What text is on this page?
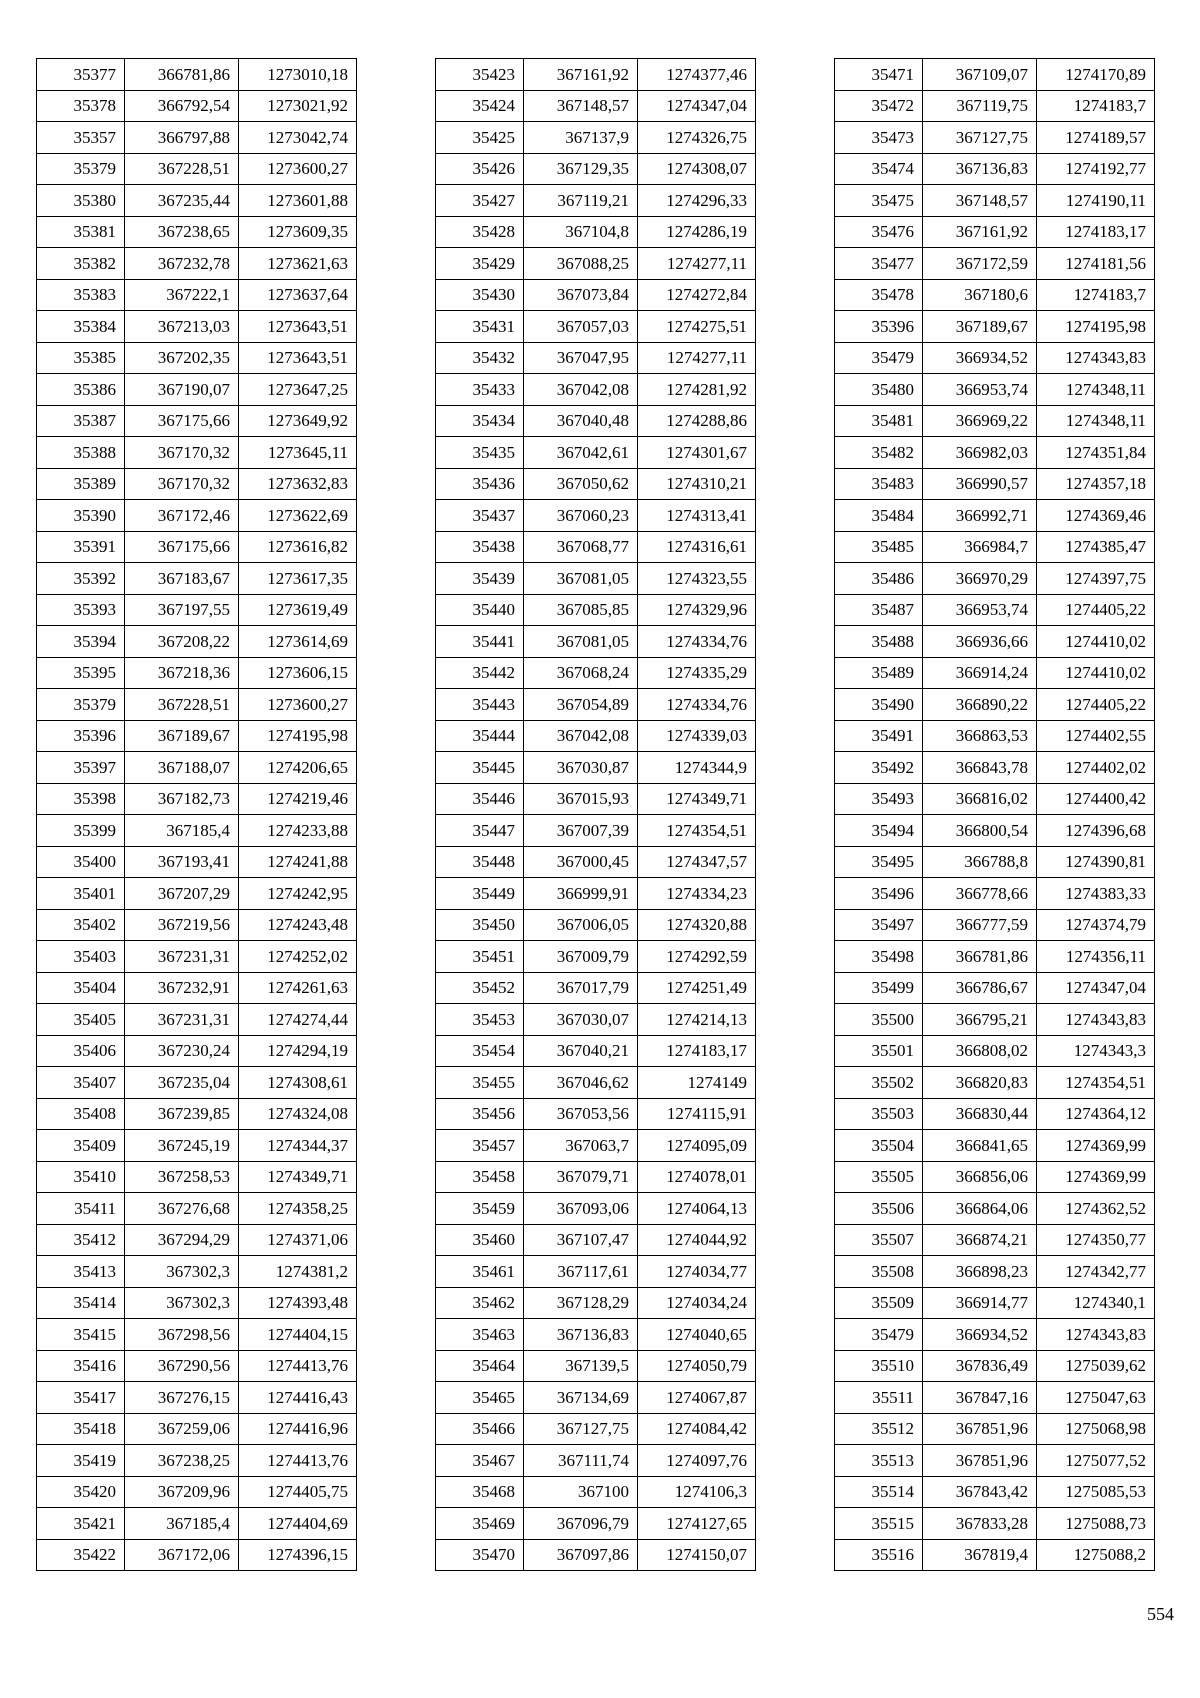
35377	366781,86	1273010,18
35378	366792,54	1273021,92
35357	366797,88	1273042,74
35379	367228,51	1273600,27
35380	367235,44	1273601,88
35381	367238,65	1273609,35
35382	367232,78	1273621,63
35383	367222,1	1273637,64
35384	367213,03	1273643,51
35385	367202,35	1273643,51
35386	367190,07	1273647,25
35387	367175,66	1273649,92
35388	367170,32	1273645,11
35389	367170,32	1273632,83
35390	367172,46	1273622,69
35391	367175,66	1273616,82
35392	367183,67	1273617,35
35393	367197,55	1273619,49
35394	367208,22	1273614,69
35395	367218,36	1273606,15
35379	367228,51	1273600,27
35396	367189,67	1274195,98
35397	367188,07	1274206,65
35398	367182,73	1274219,46
35399	367185,4	1274233,88
35400	367193,41	1274241,88
35401	367207,29	1274242,95
35402	367219,56	1274243,48
35403	367231,31	1274252,02
35404	367232,91	1274261,63
35405	367231,31	1274274,44
35406	367230,24	1274294,19
35407	367235,04	1274308,61
35408	367239,85	1274324,08
35409	367245,19	1274344,37
35410	367258,53	1274349,71
35411	367276,68	1274358,25
35412	367294,29	1274371,06
35413	367302,3	1274381,2
35414	367302,3	1274393,48
35415	367298,56	1274404,15
35416	367290,56	1274413,76
35417	367276,15	1274416,43
35418	367259,06	1274416,96
35419	367238,25	1274413,76
35420	367209,96	1274405,75
35421	367185,4	1274404,69
35422	367172,06	1274396,15
35423	367161,92	1274377,46
35424	367148,57	1274347,04
35425	367137,9	1274326,75
35426	367129,35	1274308,07
35427	367119,21	1274296,33
35428	367104,8	1274286,19
35429	367088,25	1274277,11
35430	367073,84	1274272,84
35431	367057,03	1274275,51
35432	367047,95	1274277,11
35433	367042,08	1274281,92
35434	367040,48	1274288,86
35435	367042,61	1274301,67
35436	367050,62	1274310,21
35437	367060,23	1274313,41
35438	367068,77	1274316,61
35439	367081,05	1274323,55
35440	367085,85	1274329,96
35441	367081,05	1274334,76
35442	367068,24	1274335,29
35443	367054,89	1274334,76
35444	367042,08	1274339,03
35445	367030,87	1274344,9
35446	367015,93	1274349,71
35447	367007,39	1274354,51
35448	367000,45	1274347,57
35449	366999,91	1274334,23
35450	367006,05	1274320,88
35451	367009,79	1274292,59
35452	367017,79	1274251,49
35453	367030,07	1274214,13
35454	367040,21	1274183,17
35455	367046,62	1274149
35456	367053,56	1274115,91
35457	367063,7	1274095,09
35458	367079,71	1274078,01
35459	367093,06	1274064,13
35460	367107,47	1274044,92
35461	367117,61	1274034,77
35462	367128,29	1274034,24
35463	367136,83	1274040,65
35464	367139,5	1274050,79
35465	367134,69	1274067,87
35466	367127,75	1274084,42
35467	367111,74	1274097,76
35468	367100	1274106,3
35469	367096,79	1274127,65
35470	367097,86	1274150,07
35471	367109,07	1274170,89
35472	367119,75	1274183,7
35473	367127,75	1274189,57
35474	367136,83	1274192,77
35475	367148,57	1274190,11
35476	367161,92	1274183,17
35477	367172,59	1274181,56
35478	367180,6	1274183,7
35396	367189,67	1274195,98
35479	366934,52	1274343,83
35480	366953,74	1274348,11
35481	366969,22	1274348,11
35482	366982,03	1274351,84
35483	366990,57	1274357,18
35484	366992,71	1274369,46
35485	366984,7	1274385,47
35486	366970,29	1274397,75
35487	366953,74	1274405,22
35488	366936,66	1274410,02
35489	366914,24	1274410,02
35490	366890,22	1274405,22
35491	366863,53	1274402,55
35492	366843,78	1274402,02
35493	366816,02	1274400,42
35494	366800,54	1274396,68
35495	366788,8	1274390,81
35496	366778,66	1274383,33
35497	366777,59	1274374,79
35498	366781,86	1274356,11
35499	366786,67	1274347,04
35500	366795,21	1274343,83
35501	366808,02	1274343,3
35502	366820,83	1274354,51
35503	366830,44	1274364,12
35504	366841,65	1274369,99
35505	366856,06	1274369,99
35506	366864,06	1274362,52
35507	366874,21	1274350,77
35508	366898,23	1274342,77
35509	366914,77	1274340,1
35479	366934,52	1274343,83
35510	367836,49	1275039,62
35511	367847,16	1275047,63
35512	367851,96	1275068,98
35513	367851,96	1275077,52
35514	367843,42	1275085,53
35515	367833,28	1275088,73
35516	367819,4	1275088,2
554
